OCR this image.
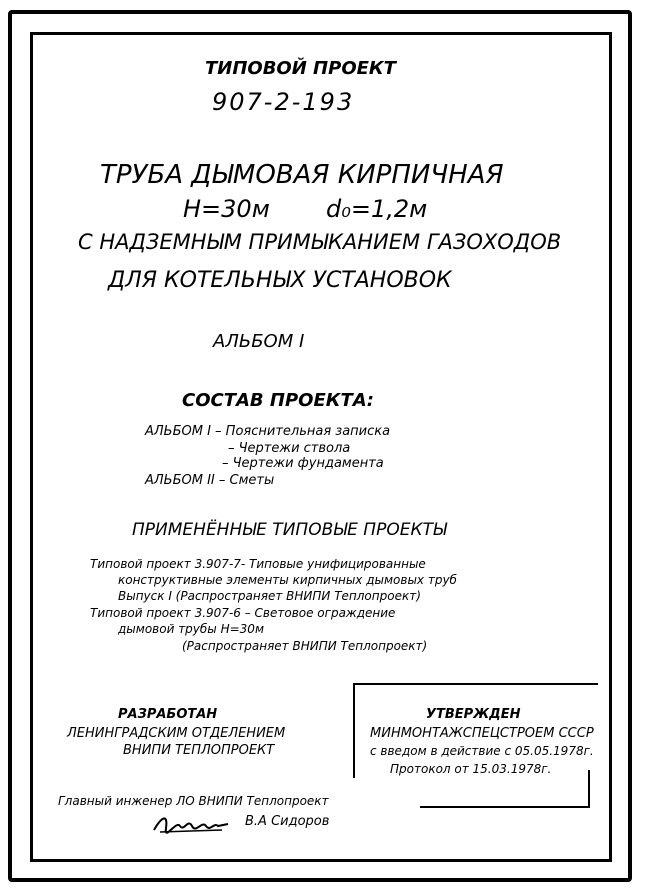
ТИПОВОЙ ПРОЕКТ
907-2-193
ТРУБА ДЫМОВАЯ КИРПИЧНАЯ
Н=30м d₀=1,2м
С НАДЗЕМНЫМ ПРИМЫКАНИЕМ ГАЗОХОДОВ
ДЛЯ КОТЕЛЬНЫХ УСТАНОВОК
АЛЬБОМ I
СОСТАВ ПРОЕКТА:
АЛЬБОМ I – Пояснительная записка
– Чертежи ствола
– Чертежи фундамента
АЛЬБОМ II – Сметы
ПРИМЕНЁННЫЕ ТИПОВЫЕ ПРОЕКТЫ
Типовой проект 3.907-7- Типовые унифицированные
конструктивные элементы кирпичных дымовых труб
Выпуск I (Распространяет ВНИПИ Теплопроект)
Типовой проект 3.907-6 – Световое ограждение
дымовой трубы Н=30м
(Распространяет ВНИПИ Теплопроект)
РАЗРАБОТАН
ЛЕНИНГРАДСКИМ ОТДЕЛЕНИЕМ
ВНИПИ ТЕПЛОПРОЕКТ
УТВЕРЖДЕН
МИНМОНТАЖСПЕЦСТРОЕМ СССР
с введом в действие с 05.05.1978г.
Протокол от 15.03.1978г.
Главный инженер ЛО ВНИПИ Теплопроект
В.А Сидоров
